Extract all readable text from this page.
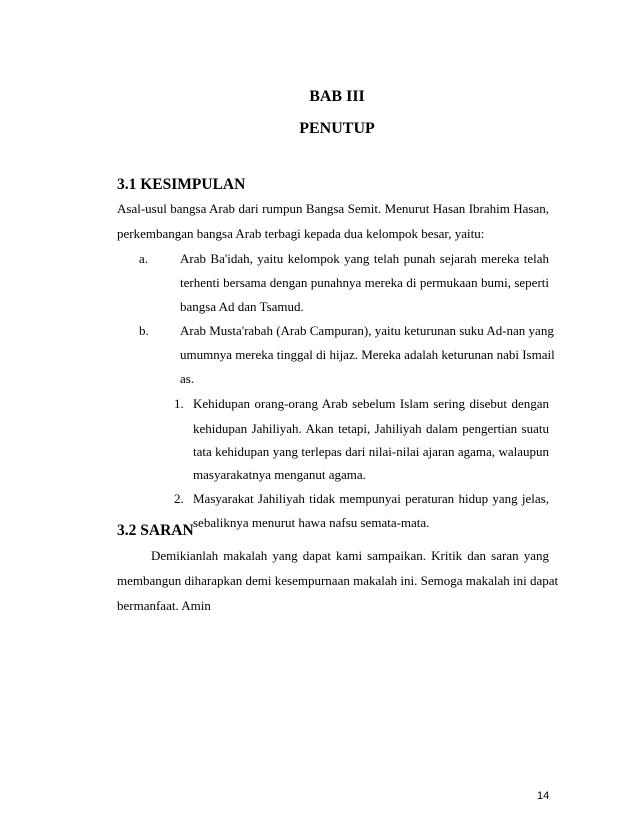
BAB III
PENUTUP
3.1 KESIMPULAN
Asal-usul bangsa Arab dari rumpun Bangsa Semit. Menurut Hasan Ibrahim Hasan,
perkembangan bangsa Arab terbagi kepada dua kelompok besar, yaitu:
a. Arab Ba'idah, yaitu kelompok yang telah punah sejarah mereka telah
terhenti bersama dengan punahnya mereka di permukaan bumi, seperti
bangsa Ad dan Tsamud.
b. Arab Musta'rabah (Arab Campuran), yaitu keturunan suku Ad-nan yang
umumnya mereka tinggal di hijaz. Mereka adalah keturunan nabi Ismail
as.
1. Kehidupan orang-orang Arab sebelum Islam sering disebut dengan
kehidupan Jahiliyah. Akan tetapi, Jahiliyah dalam pengertian suatu
tata kehidupan yang terlepas dari nilai-nilai ajaran agama, walaupun
masyarakatnya menganut agama.
2. Masyarakat Jahiliyah tidak mempunyai peraturan hidup yang jelas,
sebaliknya menurut hawa nafsu semata-mata.
3.2 SARAN
Demikianlah makalah yang dapat kami sampaikan. Kritik dan saran yang
membangun diharapkan demi kesempurnaan makalah ini. Semoga makalah ini dapat
bermanfaat. Amin
14
